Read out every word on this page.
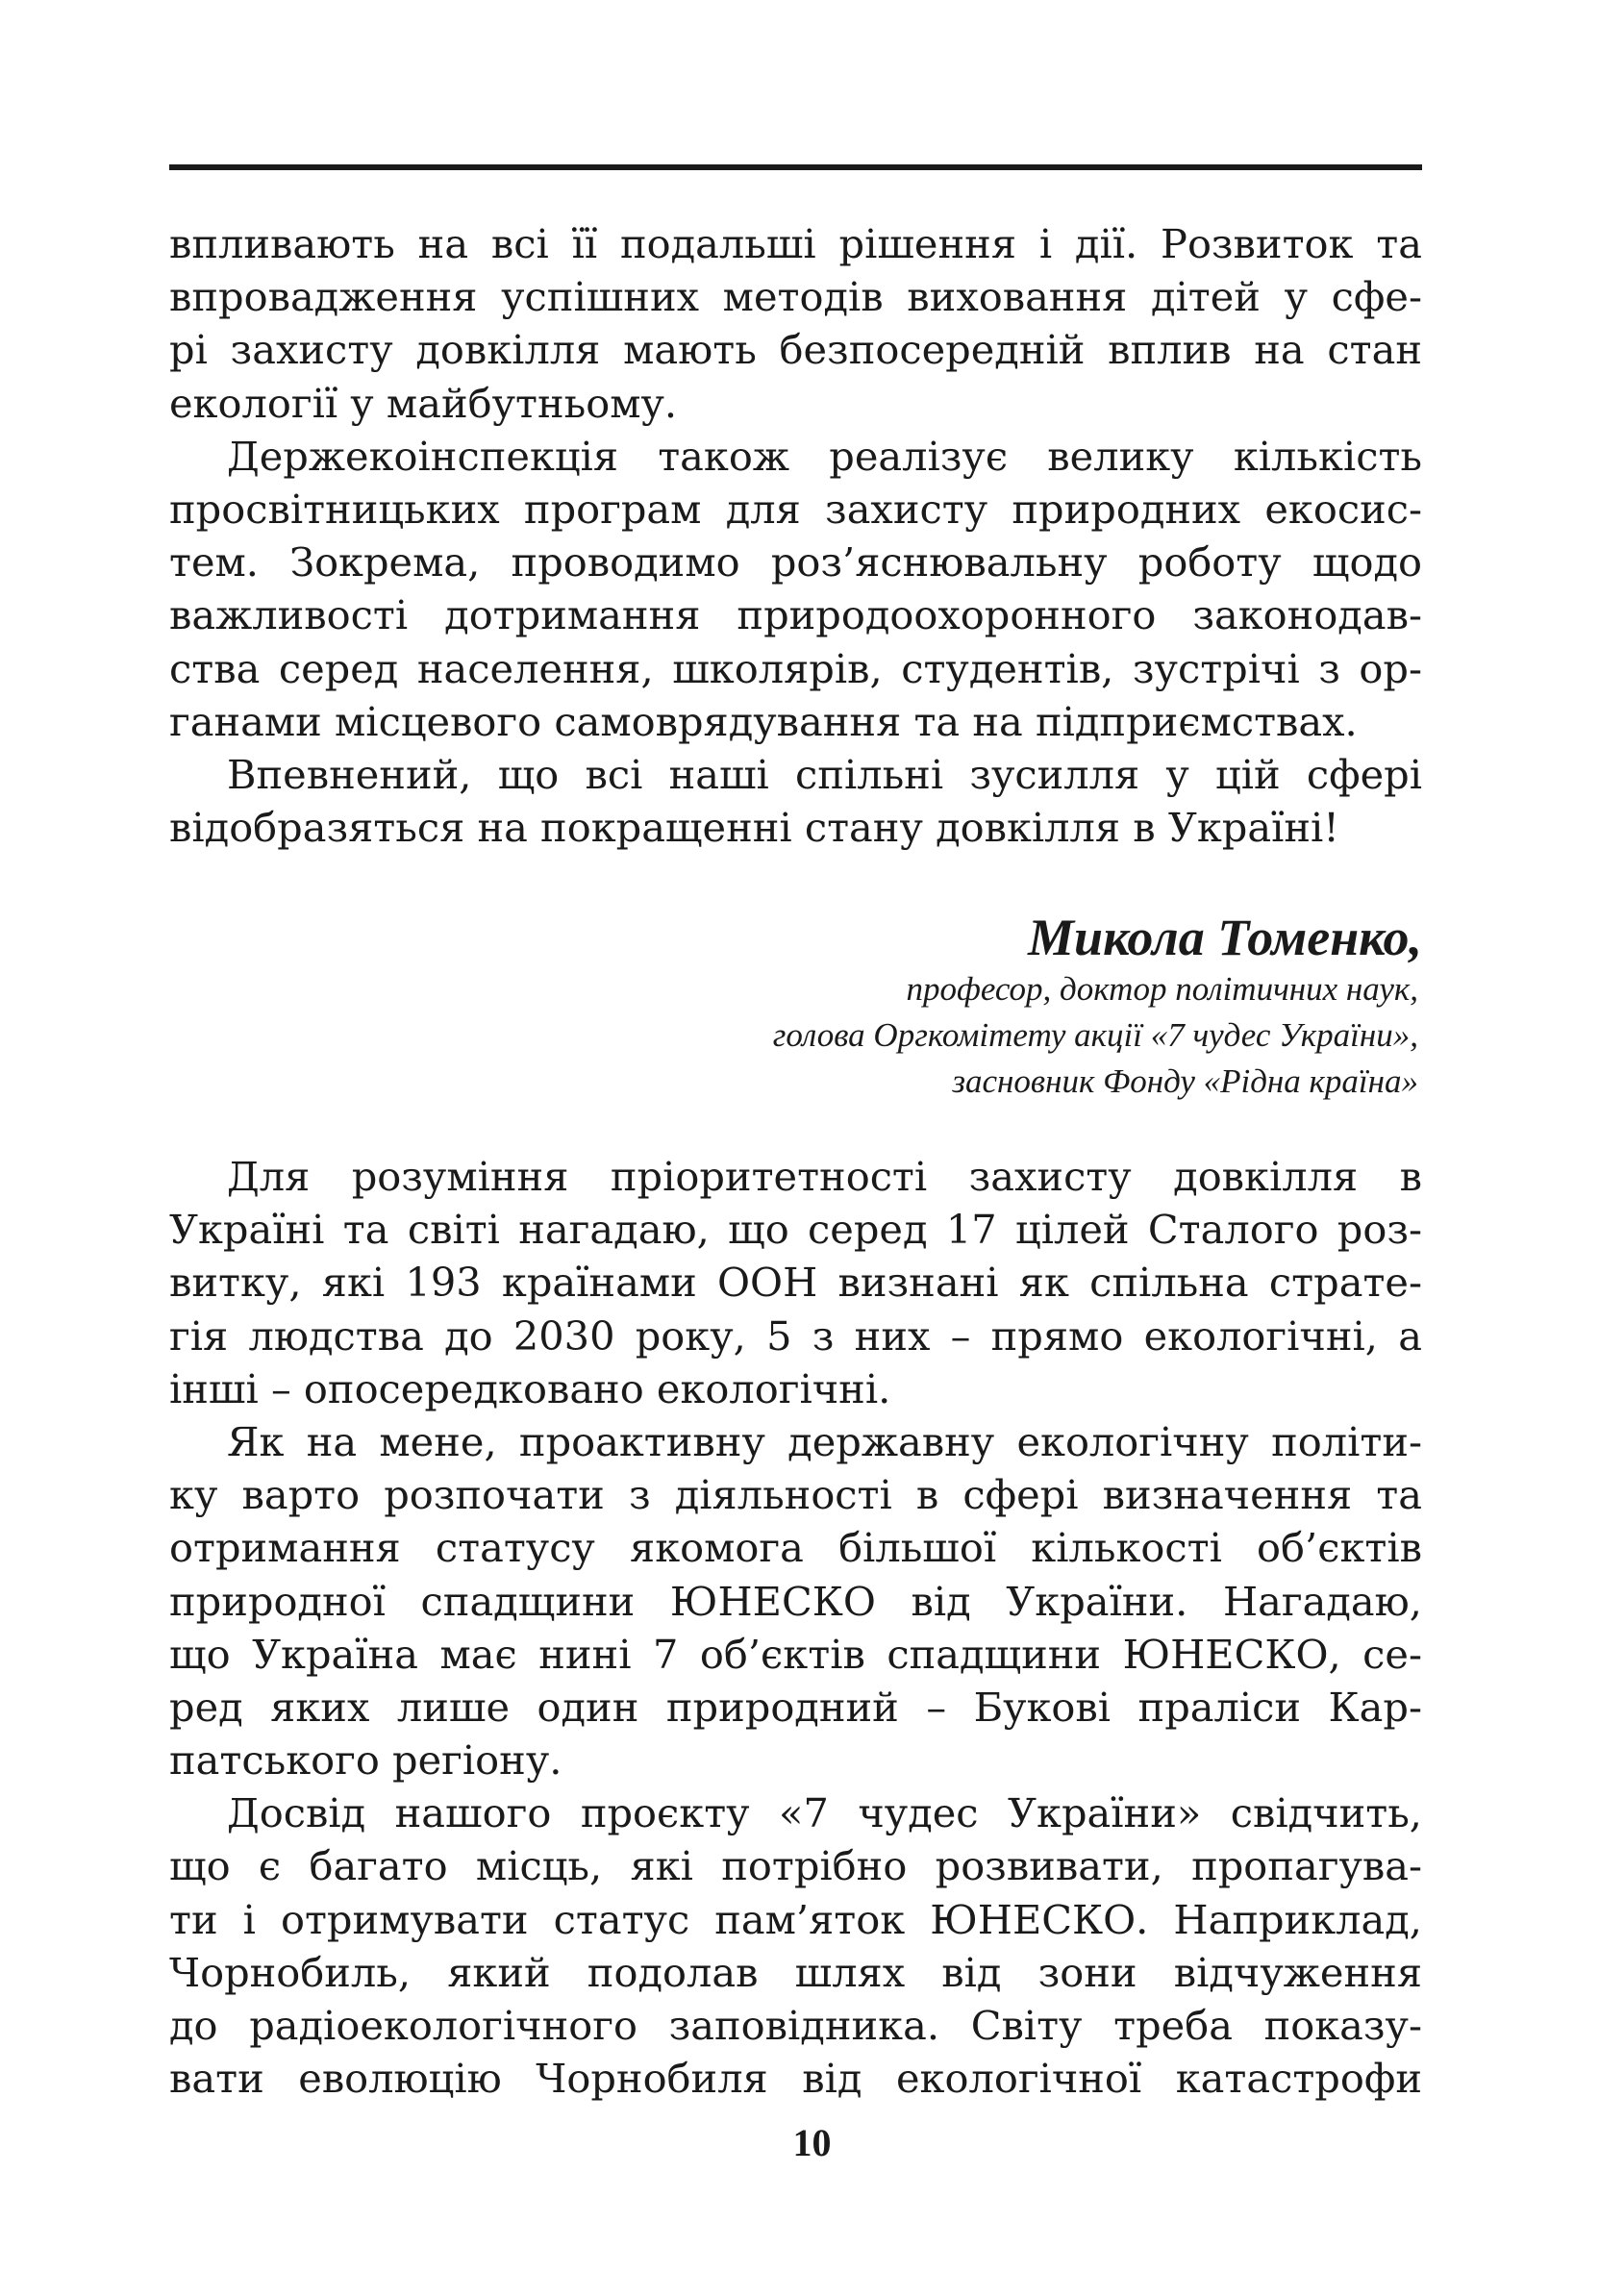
впливають на всі її подальші рішення і дії. Розвиток та
впровадження успішних методів виховання дітей у сфе-
рі захисту довкілля мають безпосередній вплив на стан
екології у майбутньому.
Держекоінспекція також реалізує велику кількість
просвітницьких програм для захисту природних екосис-
тем. Зокрема, проводимо роз’яснювальну роботу щодо
важливості дотримання природоохоронного законодав-
ства серед населення, школярів, студентів, зустрічі з ор-
ганами місцевого самоврядування та на підприємствах.
Впевнений, що всі наші спільні зусилля у цій сфері
відобразяться на покращенні стану довкілля в Україні!
Микола Томенко,
професор, доктор політичних наук,
голова Оргкомітету акції «7 чудес України»,
засновник Фонду «Рідна країна»
Для розуміння пріоритетності захисту довкілля в
Україні та світі нагадаю, що серед 17 цілей Сталого роз-
витку, які 193 країнами ООН визнані як спільна страте-
гія людства до 2030 року, 5 з них – прямо екологічні, а
інші – опосередковано екологічні.
Як на мене, проактивну державну екологічну політи-
ку варто розпочати з діяльності в сфері визначення та
отримання статусу якомога більшої кількості об’єктів
природної спадщини ЮНЕСКО від України. Нагадаю,
що Україна має нині 7 об’єктів спадщини ЮНЕСКО, се-
ред яких лише один природний – Букові праліси Кар-
патського регіону.
Досвід нашого проєкту «7 чудес України» свідчить,
що є багато місць, які потрібно розвивати, пропагува-
ти і отримувати статус пам’яток ЮНЕСКО. Наприклад,
Чорнобиль, який подолав шлях від зони відчуження
до радіоекологічного заповідника. Світу треба показу-
вати еволюцію Чорнобиля від екологічної катастрофи
10
